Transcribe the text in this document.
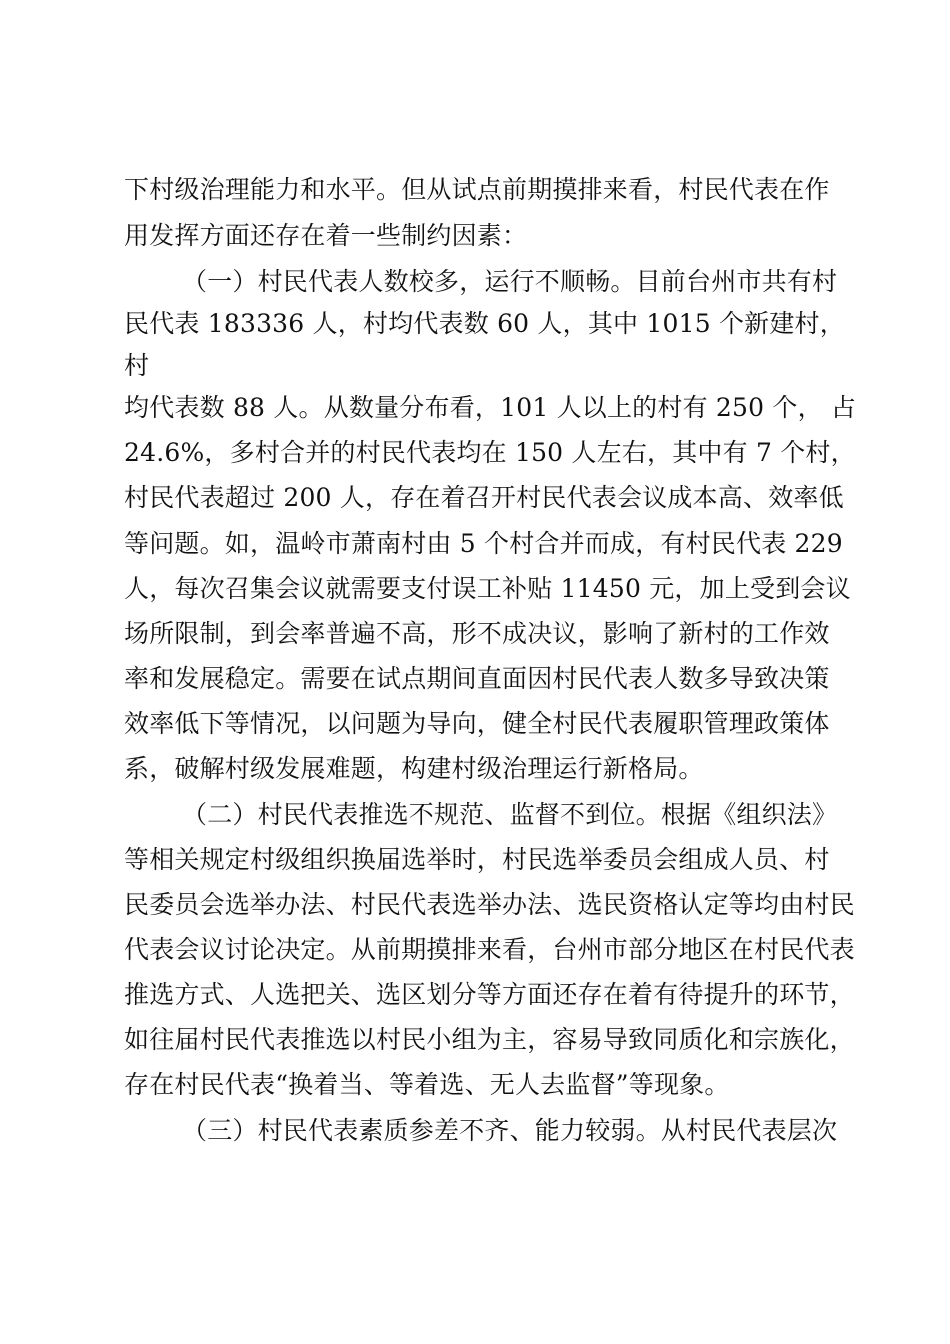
下村级治理能力和水平。但从试点前期摸排来看，村民代表在作
用发挥方面还存在着一些制约因素：
（一）村民代表人数校多，运行不顺畅。目前台州市共有村
民代表 183336 人，村均代表数 60 人，其中 1015 个新建村，
村
均代表数 88 人。从数量分布看，101 人以上的村有 250 个， 占
24.6%，多村合并的村民代表均在 150 人左右，其中有 7 个村，
村民代表超过 200 人，存在着召开村民代表会议成本高、效率低
等问题。如，温岭市萧南村由 5 个村合并而成，有村民代表 229
人，每次召集会议就需要支付误工补贴 11450 元，加上受到会议
场所限制，到会率普遍不高，形不成决议，影响了新村的工作效
率和发展稳定。需要在试点期间直面因村民代表人数多导致决策
效率低下等情况，以问题为导向，健全村民代表履职管理政策体
系，破解村级发展难题，构建村级治理运行新格局。
（二）村民代表推选不规范、监督不到位。根据《组织法》
等相关规定村级组织换届选举时，村民选举委员会组成人员、村
民委员会选举办法、村民代表选举办法、选民资格认定等均由村民
代表会议讨论决定。从前期摸排来看，台州市部分地区在村民代表
推选方式、人选把关、选区划分等方面还存在着有待提升的环节，
如往届村民代表推选以村民小组为主，容易导致同质化和宗族化，
存在村民代表“换着当、等着选、无人去监督”等现象。
（三）村民代表素质参差不齐、能力较弱。从村民代表层次
